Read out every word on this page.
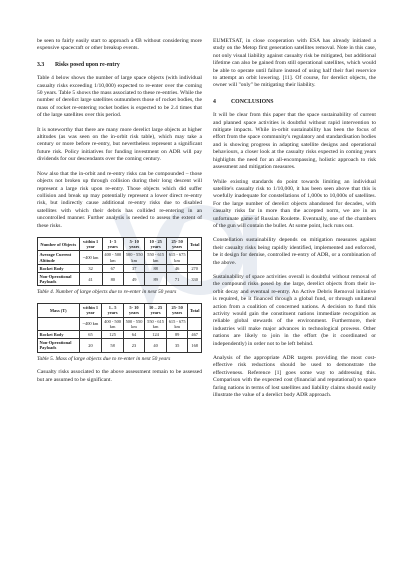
be seen to fairly easily start to approach a €B without considering more expensive spacecraft or other breakup events.

3.3 Risks posed upon re-entry

Table 4 below shows the number of large space objects (with individual casualty risks exceeding 1/10,000) expected to re-enter over the coming 50 years. Table 5 shows the mass associated to these re-entries. While the number of derelict large satellites outnumbers those of rocket bodies, the mass of rocket re-entering rocket bodies is expected to be 2.4 times that of the large satellites over this period.

It is noteworthy that there are many more derelict large objects at higher altitudes (as was seen on the in-orbit risk table), which may take a century or more before re-entry, but nevertheless represent a significant future risk. Policy initiatives for funding investment on ADR will pay dividends for our descendants over the coming century.

Now also that the in-orbit and re-entry risks can be compounded – those objects not broken up through collision during their long descent will represent a large risk upon re-entry. Those objects which did suffer collision and break up may potentially represent a lower direct re-entry risk, but indirectly cause additional re-entry risks due to disabled satellites with which their debris has collided re-entering in an uncontrolled manner. Further analysis is needed to assess the extent of these risks.

Number of Objects	within 1 year	1- 5 years	5- 10 years	10 - 25 years	25- 50 years	Total
Average Current Altitude	~400 km	400 - 500 km	500 - 550 km	550 - 615 km	615 - 675 km	
Rocket Body	32	67	37	88	46	270
Non-Operational Payloads	41	80	49	89	71	330

Table 4. Number of large objects due to re-enter in next 50 years

Mass (T)	within 1 year	1– 5 years	5- 10 years	10 – 25 years	25- 50 years	Total
	~400 km	400 - 500 km	500 - 550 km	550 - 615 km	615 - 675 km	
Rocket Body	65	125	64	124	89	467
Non-Operational Payloads	20	58	23	40	35	168

Table 5. Mass of large objects due to re-enter in next 50 years

Casualty risks associated to the above assessment remain to be assessed but are assumed to be significant.

EUMETSAT, in close cooperation with ESA has already initiated a study on the Metop first generation satellites removal. Note in this case, not only visual liability against casualty risk be mitigated, but additional lifetime can also be gained from still operational satellites, which would be able to operate until failure instead of using half their fuel reservice to attempt an orbit lowering. [11]. Of course, for derelict objects, the owner will "only" be mitigating their liability.

4	CONCLUSIONS

It will be clear from this paper that the space sustainability of current and planned space activities is doubtful without rapid intervention to mitigate impacts. While in-orbit sustainability has been the focus of effort from the space community's regulatory and standardisation bodies and is showing progress in adapting satellite designs and operational behaviours, a closer look at the casualty risks expected in coming years highlights the need for an all-encompassing, holistic approach to risk assessment and mitigation measures.

While existing standards do point towards limiting an individual satellite's casualty risk to 1/10,000, it has been seen above that this is woefully inadequate for constellations of 1,000s to 10,000s of satellites. For the large number of derelict objects abandoned for decades, with casualty risks far in more than the accepted norm, we are in an unfortunate game of Russian Roulette. Eventually, one of the chambers of the gun will contain the bullet. At some point, luck runs out.

Constellation sustainability depends on mitigation measures against their casualty risks being rapidly identified, implemented and enforced, be it design for demise, controlled re-entry of ADR, or a combination of the above.

Sustainability of space activities overall is doubtful without removal of the compound risks posed by the large, derelict objects from their in-orbit decay and eventual re-entry. An Active Debris Removal initiative is required, be it financed through a global fund, or through unilateral action from a coalition of concerned nations. A decision to fund this activity would gain the constituent nations immediate recognition as reliable global stewards of the environment. Furthermore, their industries will make major advances in technological prowess. Other nations are likely to join in the effort (be it coordinated or independently) in order not to be left behind.

Analysis of the appropriate ADR targets providing the most cost-effective risk reductions should be used to demonstrate the effectiveness. Reference [1] goes some way to addressing this. Comparison with the expected cost (financial and reputational) to space faring nations in terms of lost satellites and liability claims should easily illustrate the value of a derelict body ADR approach.
